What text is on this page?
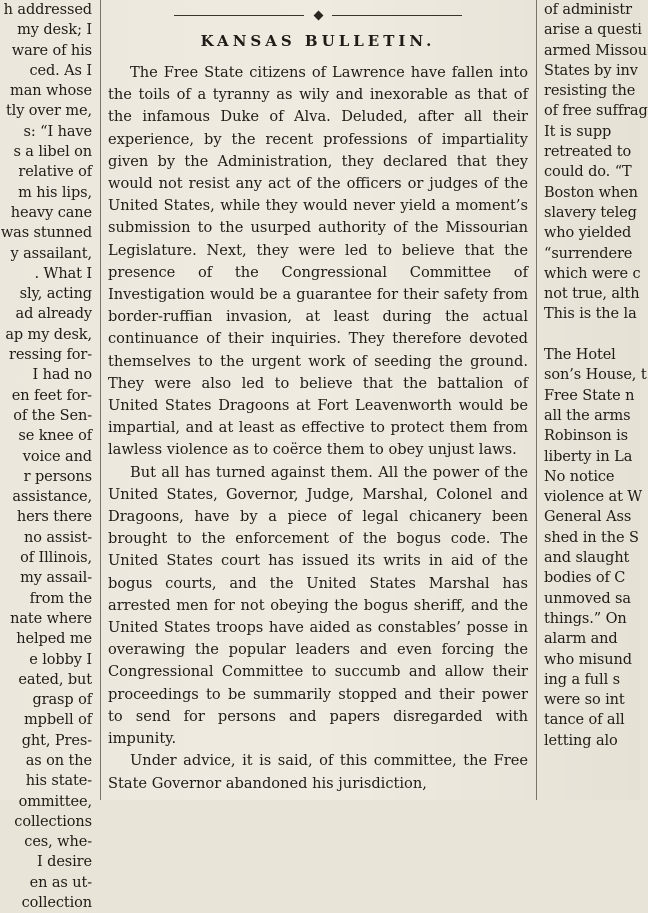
h addressed
my desk; I
ware of his
ced. As I
man whose
tly over me,
s: “I have
s a libel on
relative of
m his lips,
heavy cane
was stunned
y assailant,
. What I
sly, acting
ad already
ap my desk,
ressing for-
I had no
en feet for-
of the Sen-
se knee of
voice and
r persons
assistance,
hers there
no assist-
of Illinois,
my assail-
from the
nate where
helped me
e lobby I
eated, but
grasp of
mpbell of
ght, Pres-
as on the
his state-
ommittee,
collections
ces, whe-
I desire
en as ut-
collection
KANSAS BULLETIN.

The Free State citizens of Lawrence have fallen into the toils of a tyranny as wily and inexorable as that of the infamous Duke of Alva. Deluded, after all their experience, by the recent professions of impartiality given by the Administration, they declared that they would not resist any act of the officers or judges of the United States, while they would never yield a moment’s submission to the usurped authority of the Missourian Legislature. Next, they were led to believe that the presence of the Congressional Committee of Investigation would be a guarantee for their safety from border-ruffian invasion, at least during the actual continuance of their inquiries. They therefore devoted themselves to the urgent work of seeding the ground. They were also led to believe that the battalion of United States Dragoons at Fort Leavenworth would be impartial, and at least as effective to protect them from lawless violence as to coërce them to obey unjust laws.

But all has turned against them. All the power of the United States, Governor, Judge, Marshal, Colonel and Dragoons, have by a piece of legal chicanery been brought to the enforcement of the bogus code. The United States court has issued its writs in aid of the bogus courts, and the United States Marshal has arrested men for not obeying the bogus sheriff, and the United States troops have aided as constables’ posse in overawing the popular leaders and even forcing the Congressional Committee to succumb and allow their proceedings to be summarily stopped and their power to send for persons and papers disregarded with impunity.

Under advice, it is said, of this committee, the Free State Governor abandoned his jurisdiction,

of administr
arise a questi
armed Missou
States by inv
resisting the
of free suffrag
It is supp
retreated to
could do. “T
Boston when
slavery teleg
who yielded
“surrendere
which were c
not true, alth
This is the la

The Hotel
son’s House, t
Free State n
all the arms
Robinson is
liberty in La
No notice
violence at W
General Ass
shed in the S
and slaught
bodies of C
unmoved sa
things.” On
alarm and
who misund
ing a full s
were so int
tance of all
letting alo
